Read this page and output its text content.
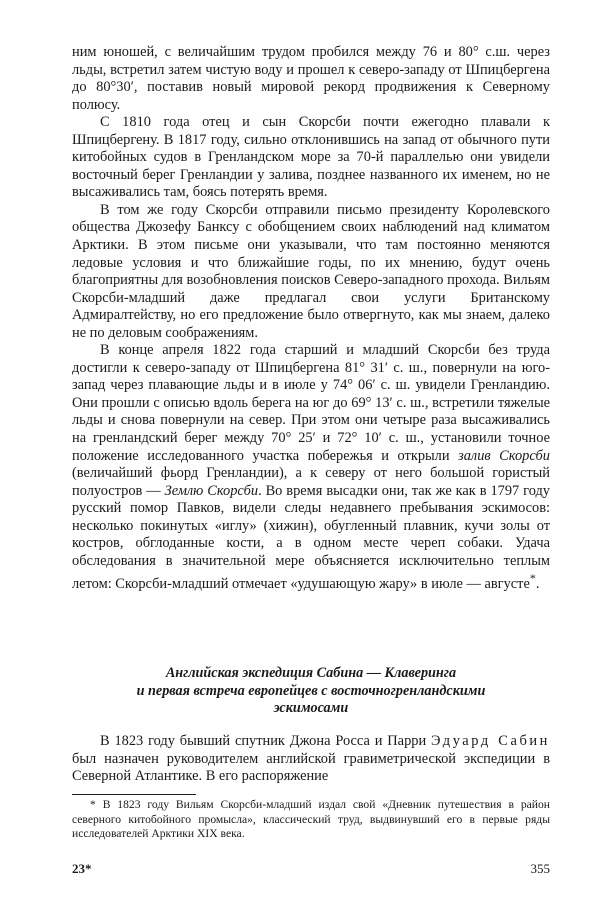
ним юношей, с величайшим трудом пробился между 76 и 80° с.ш. через льды, встретил затем чистую воду и прошел к северо-западу от Шпицбергена до 80°30′, поставив новый мировой рекорд продвижения к Северному полюсу.

С 1810 года отец и сын Скорсби почти ежегодно плавали к Шпицбергену. В 1817 году, сильно отклонившись на запад от обычного пути китобойных судов в Гренландском море за 70-й параллелью они увидели восточный берег Гренландии у залива, позднее названного их именем, но не высаживались там, боясь потерять время.

В том же году Скорсби отправили письмо президенту Королевского общества Джозефу Банксу с обобщением своих наблюдений над климатом Арктики. В этом письме они указывали, что там постоянно меняются ледовые условия и что ближайшие годы, по их мнению, будут очень благоприятны для возобновления поисков Северо-западного прохода. Вильям Скорсби-младший даже предлагал свои услуги Британскому Адмиралтейству, но его предложение было отвергнуто, как мы знаем, далеко не по деловым соображениям.

В конце апреля 1822 года старший и младший Скорсби без труда достигли к северо-западу от Шпицбергена 81° 31′ с. ш., повернули на юго-запад через плавающие льды и в июле у 74° 06′ с. ш. увидели Гренландию. Они прошли с описью вдоль берега на юг до 69° 13′ с. ш., встретили тяжелые льды и снова повернули на север. При этом они четыре раза высаживались на гренландский берег между 70° 25′ и 72° 10′ с. ш., установили точное положение исследованного участка побережья и открыли залив Скорсби (величайший фьорд Гренландии), а к северу от него большой гористый полуостров — Землю Скорсби. Во время высадки они, так же как в 1797 году русский помор Павков, видели следы недавнего пребывания эскимосов: несколько покинутых «иглу» (хижин), обугленный плавник, кучи золы от костров, обглоданные кости, а в одном месте череп собаки. Удача обследования в значительной мере объясняется исключительно теплым летом: Скорсби-младший отмечает «удушающую жару» в июле — августе*.

Английская экспедиция Сабина — Клаверинга
и первая встреча европейцев с восточногренландскими
эскимосами

В 1823 году бывший спутник Джона Росса и Парри Эдуард Сабин был назначен руководителем английской гравиметрической экспедиции в Северной Атлантике. В его распоряжение

* В 1823 году Вильям Скорсби-младший издал свой «Дневник путешествия в район северного китобойного промысла», классический труд, выдвинувший его в первые ряды исследователей Арктики XIX века.

23*	355
